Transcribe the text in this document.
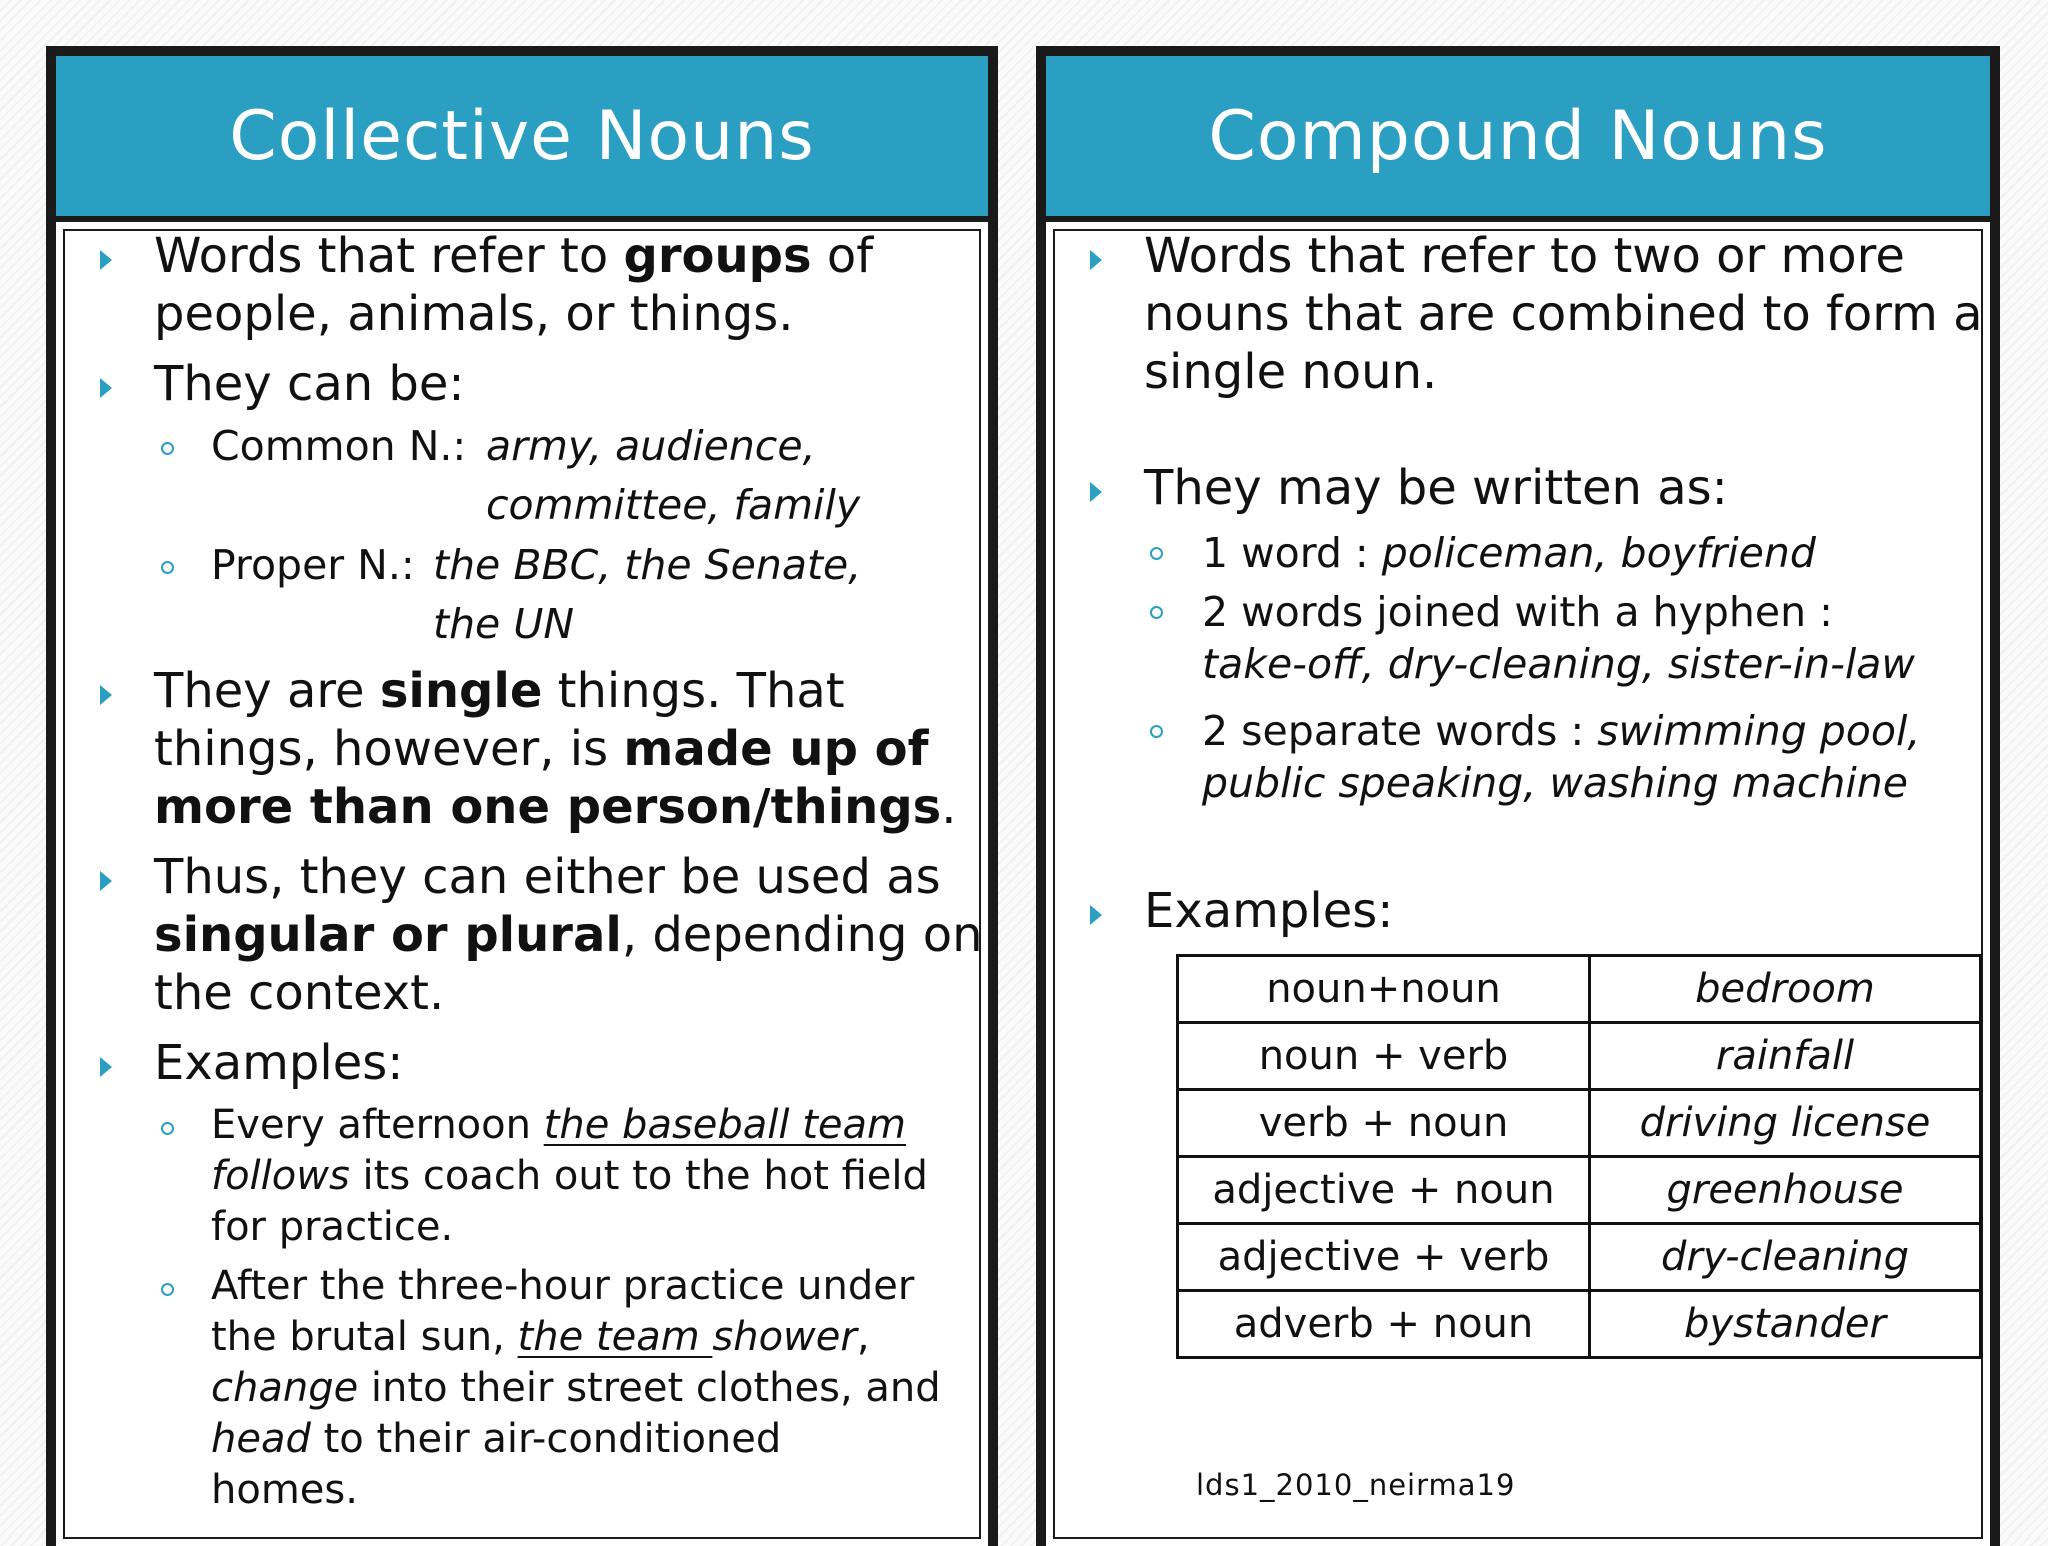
Collective Nouns	Compound Nouns
Words that refer to groups of
people, animals, or things.
They can be:
Common N.: army, audience,
committee, family
Proper N.: the BBC, the Senate,
the UN
They are single things. That
things, however, is made up of
more than one person/things.
Thus, they can either be used as
singular or plural, depending on
the context.
Examples:
Every afternoon the baseball team
follows its coach out to the hot field
for practice.
After the three-hour practice under
the brutal sun, the team shower,
change into their street clothes, and
head to their air-conditioned
homes.
Words that refer to two or more
nouns that are combined to form a
single noun.
They may be written as:
1 word : policeman, boyfriend
2 words joined with a hyphen :
take-off, dry-cleaning, sister-in-law
2 separate words : swimming pool,
public speaking, washing machine
Examples:
noun+noun	bedroom
noun + verb	rainfall
verb + noun	driving license
adjective + noun	greenhouse
adjective + verb	dry-cleaning
adverb + noun	bystander
lds1_2010_neirma19
